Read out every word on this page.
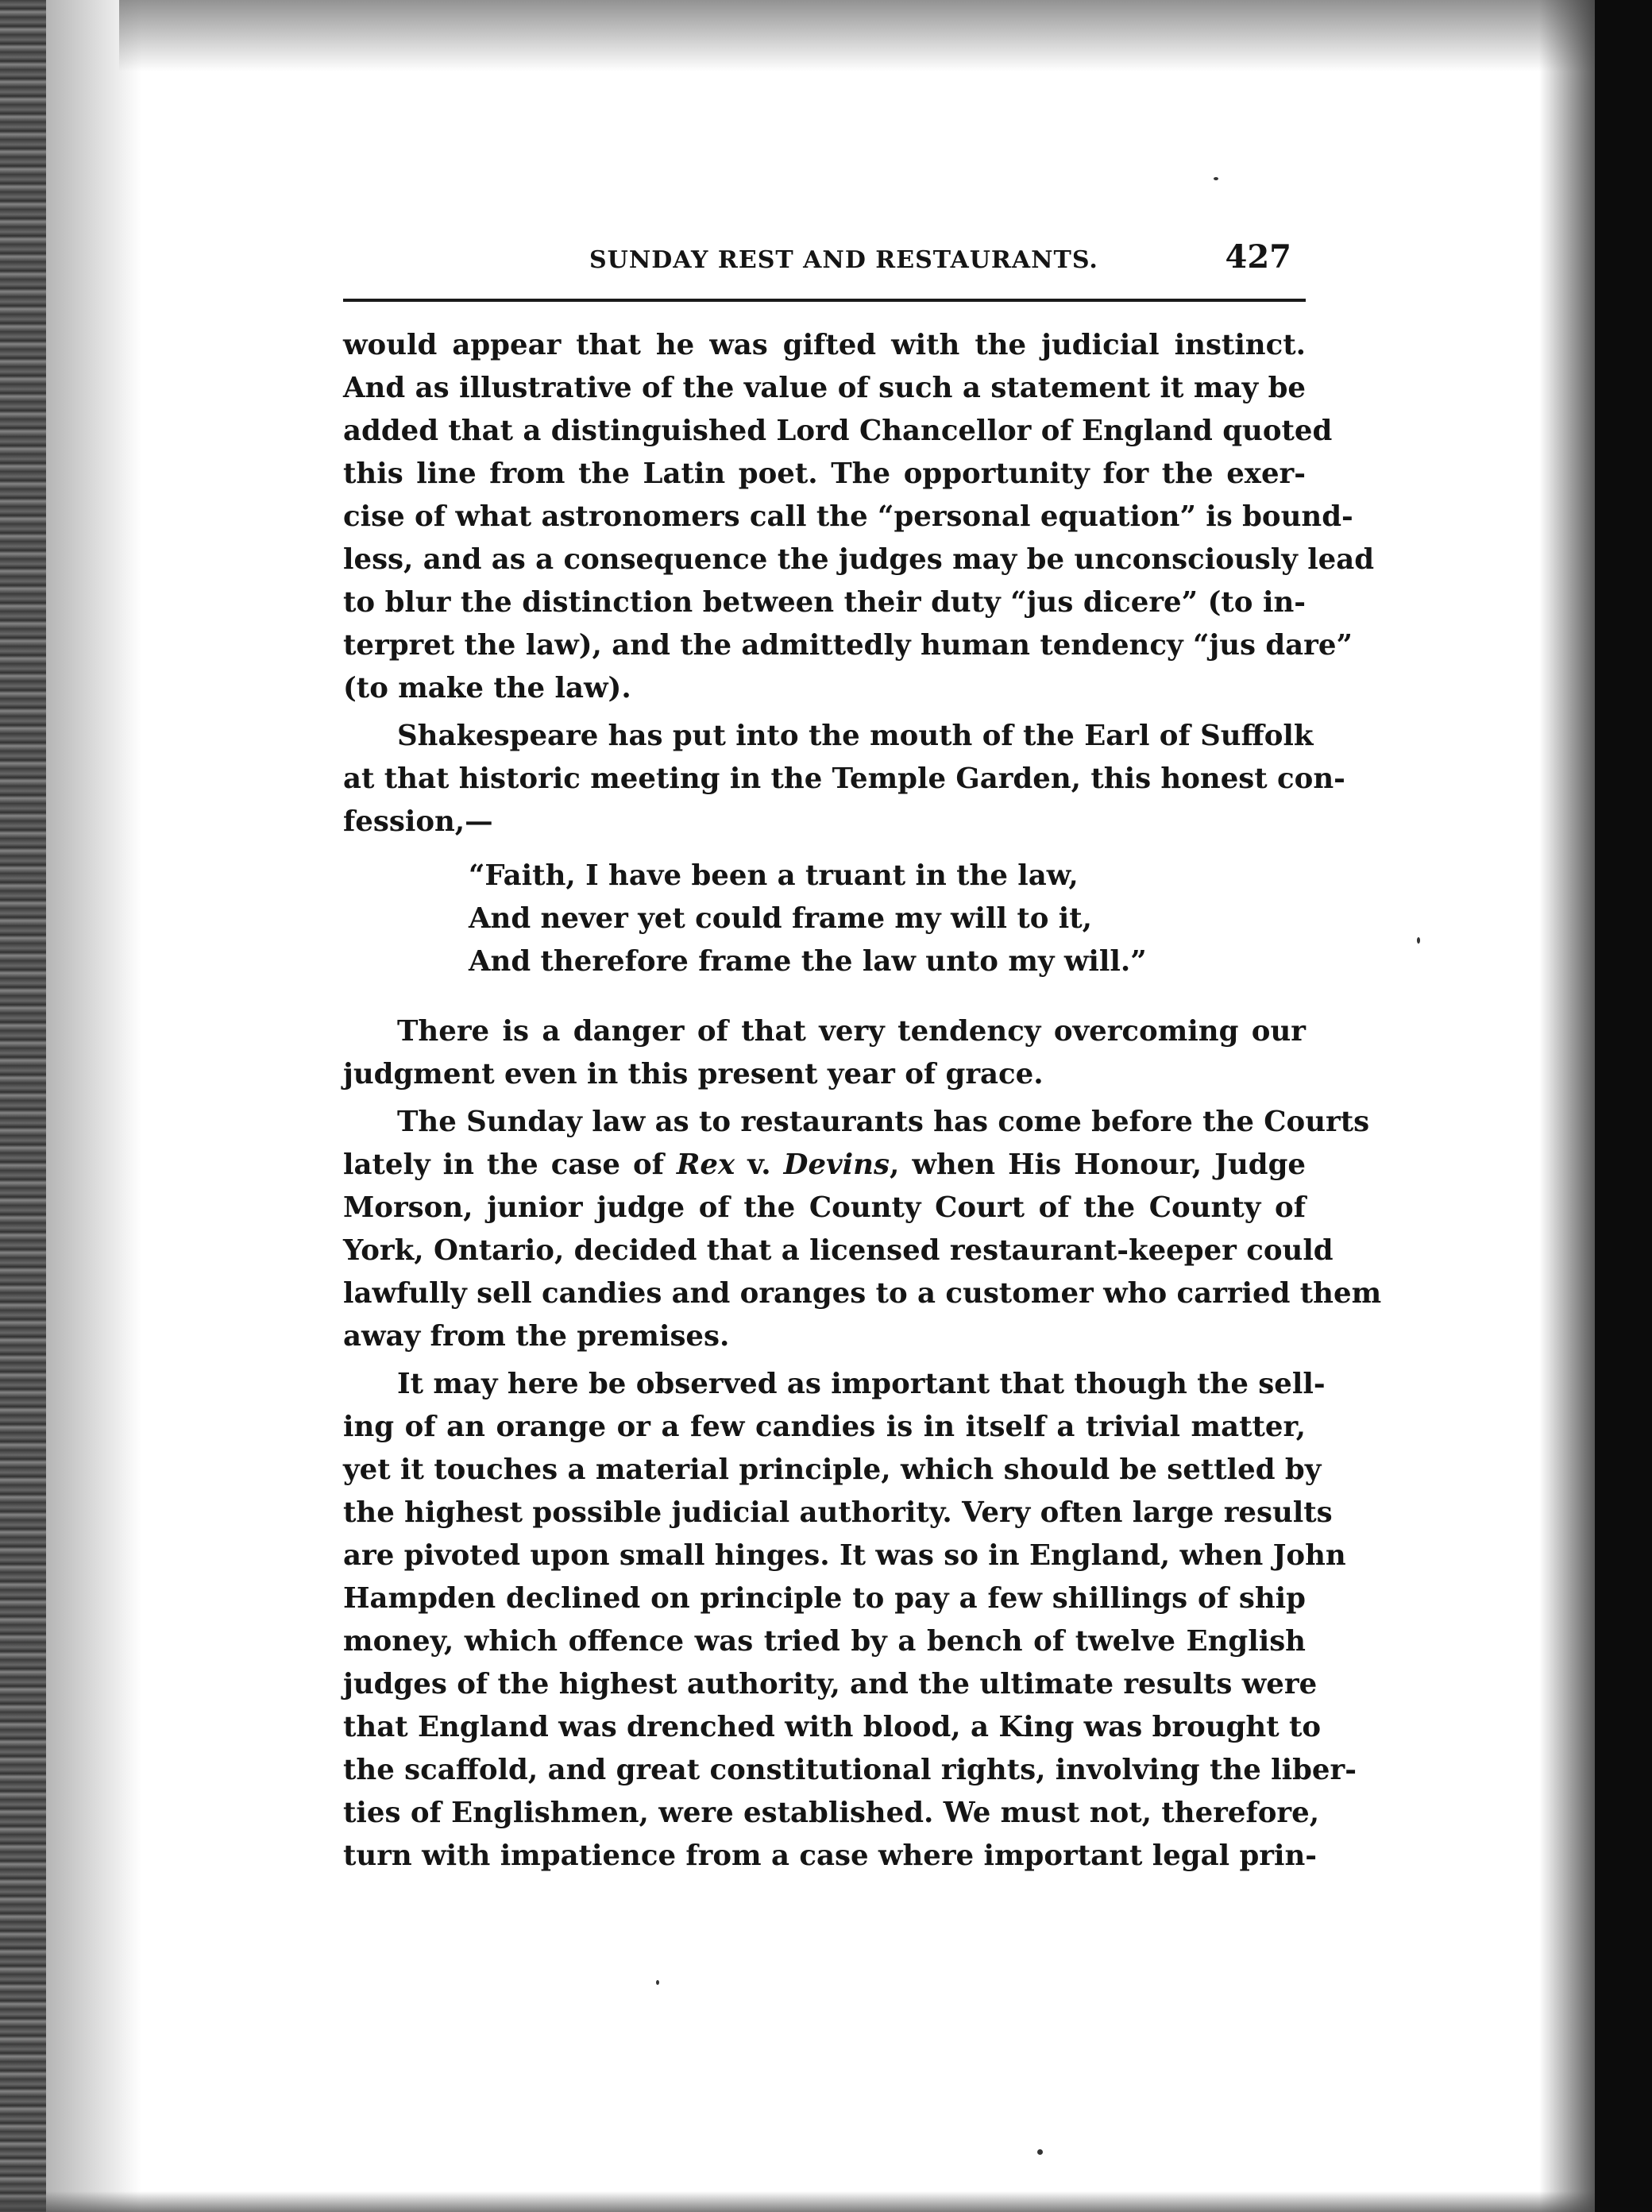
SUNDAY REST AND RESTAURANTS.	427

would appear that he was gifted with the judicial instinct.
And as illustrative of the value of such a statement it may be
added that a distinguished Lord Chancellor of England quoted
this line from the Latin poet. The opportunity for the exer-
cise of what astronomers call the “personal equation” is bound-
less, and as a consequence the judges may be unconsciously lead
to blur the distinction between their duty “jus dicere” (to in-
terpret the law), and the admittedly human tendency “jus dare”
(to make the law).

Shakespeare has put into the mouth of the Earl of Suffolk
at that historic meeting in the Temple Garden, this honest con-
fession,—

“Faith, I have been a truant in the law,
And never yet could frame my will to it,
And therefore frame the law unto my will.”

There is a danger of that very tendency overcoming our
judgment even in this present year of grace.

The Sunday law as to restaurants has come before the Courts
lately in the case of Rex v. Devins, when His Honour, Judge
Morson, junior judge of the County Court of the County of
York, Ontario, decided that a licensed restaurant-keeper could
lawfully sell candies and oranges to a customer who carried them
away from the premises.

It may here be observed as important that though the sell-
ing of an orange or a few candies is in itself a trivial matter,
yet it touches a material principle, which should be settled by
the highest possible judicial authority. Very often large results
are pivoted upon small hinges. It was so in England, when John
Hampden declined on principle to pay a few shillings of ship
money, which offence was tried by a bench of twelve English
judges of the highest authority, and the ultimate results were
that England was drenched with blood, a King was brought to
the scaffold, and great constitutional rights, involving the liber-
ties of Englishmen, were established. We must not, therefore,
turn with impatience from a case where important legal prin-
